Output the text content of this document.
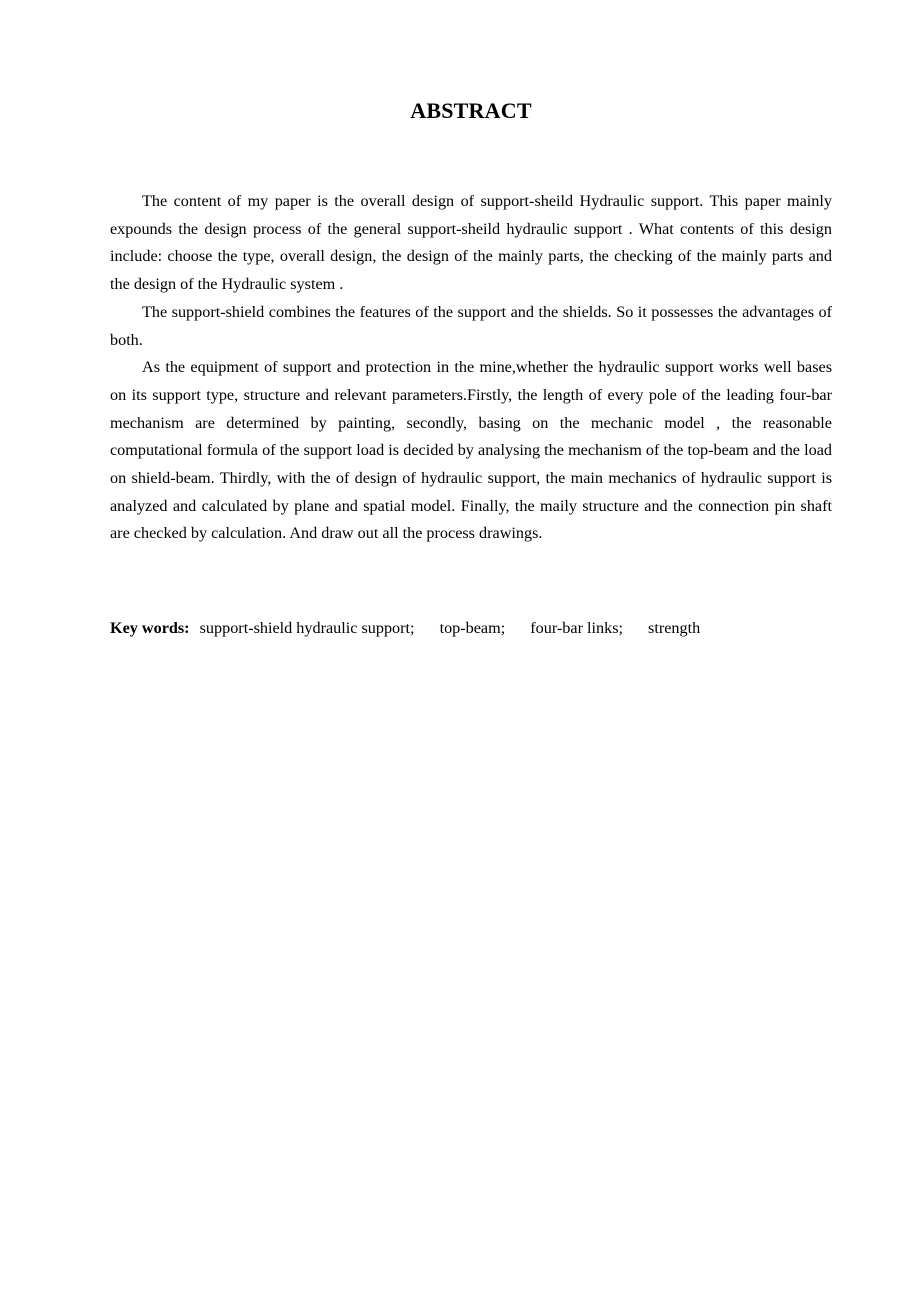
ABSTRACT

The content of my paper is the overall design of support-sheild Hydraulic support. This paper mainly expounds the design process of the general support-sheild hydraulic support . What contents of this design include: choose the type, overall design, the design of the mainly parts, the checking of the mainly parts and the design of the Hydraulic system .

The support-shield combines the features of the support and the shields. So it possesses the advantages of both.

As the equipment of support and protection in the mine,whether the hydraulic support works well bases on its support type, structure and relevant parameters.Firstly, the length of every pole of the leading four-bar mechanism are determined by painting, secondly, basing on the mechanic model , the reasonable computational formula of the support load is decided by analysing the mechanism of the top-beam and the load on shield-beam. Thirdly, with the of design of hydraulic support, the main mechanics of hydraulic support is analyzed and calculated by plane and spatial model. Finally, the maily structure and the connection pin shaft are checked by calculation. And draw out all the process drawings.

Key words: support-shield hydraulic support; top-beam; four-bar links; strength
